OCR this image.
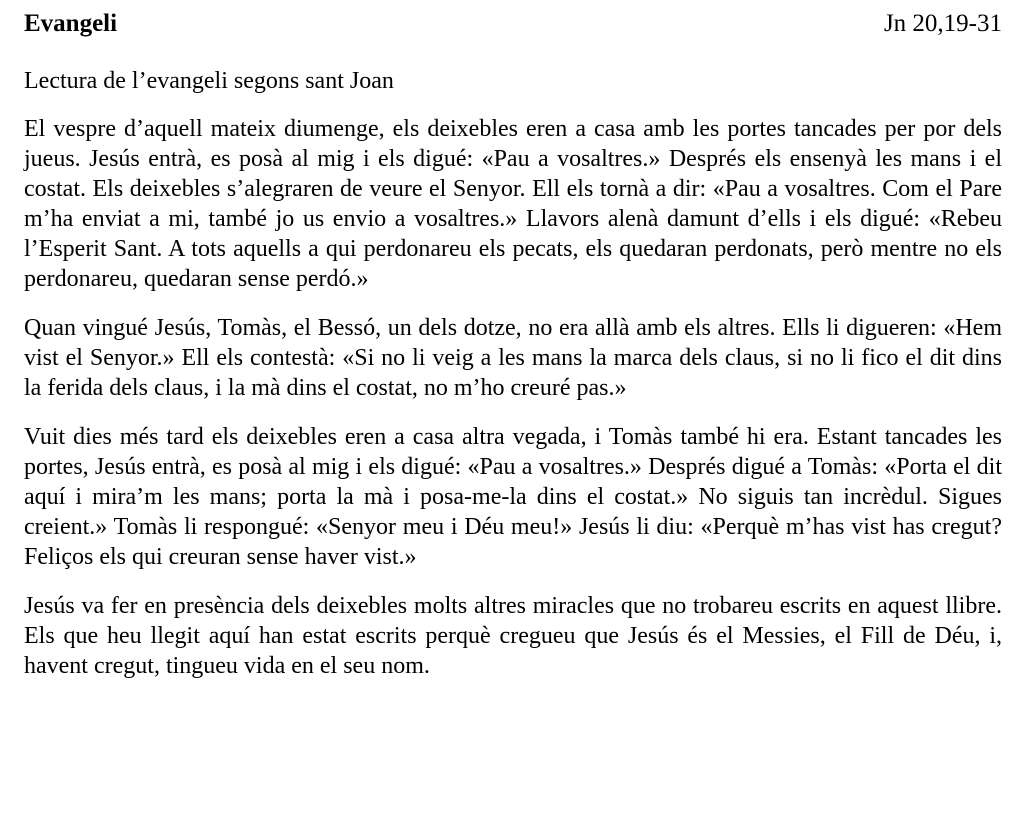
Evangeli	Jn 20,19-31

Lectura de l’evangeli segons sant Joan

El vespre d’aquell mateix diumenge, els deixebles eren a casa amb les portes tancades per por dels jueus. Jesús entrà, es posà al mig i els digué: «Pau a vosaltres.» Després els ensenyà les mans i el costat. Els deixebles s’alegraren de veure el Senyor. Ell els tornà a dir: «Pau a vosaltres. Com el Pare m’ha enviat a mi, també jo us envio a vosaltres.» Llavors alenà damunt d’ells i els digué: «Rebeu l’Esperit Sant. A tots aquells a qui perdonareu els pecats, els quedaran perdonats, però mentre no els perdonareu, quedaran sense perdó.»

Quan vingué Jesús, Tomàs, el Bessó, un dels dotze, no era allà amb els altres. Ells li digueren: «Hem vist el Senyor.» Ell els contestà: «Si no li veig a les mans la marca dels claus, si no li fico el dit dins la ferida dels claus, i la mà dins el costat, no m’ho creuré pas.»

Vuit dies més tard els deixebles eren a casa altra vegada, i Tomàs també hi era. Estant tancades les portes, Jesús entrà, es posà al mig i els digué: «Pau a vosaltres.» Després digué a Tomàs: «Porta el dit aquí i mira’m les mans; porta la mà i posa-me-la dins el costat.» No siguis tan incrèdul. Sigues creient.» Tomàs li respongué: «Senyor meu i Déu meu!» Jesús li diu: «Perquè m’has vist has cregut? Feliços els qui creuran sense haver vist.»

Jesús va fer en presència dels deixebles molts altres miracles que no trobareu escrits en aquest llibre. Els que heu llegit aquí han estat escrits perquè cregueu que Jesús és el Messies, el Fill de Déu, i, havent cregut, tingueu vida en el seu nom.
